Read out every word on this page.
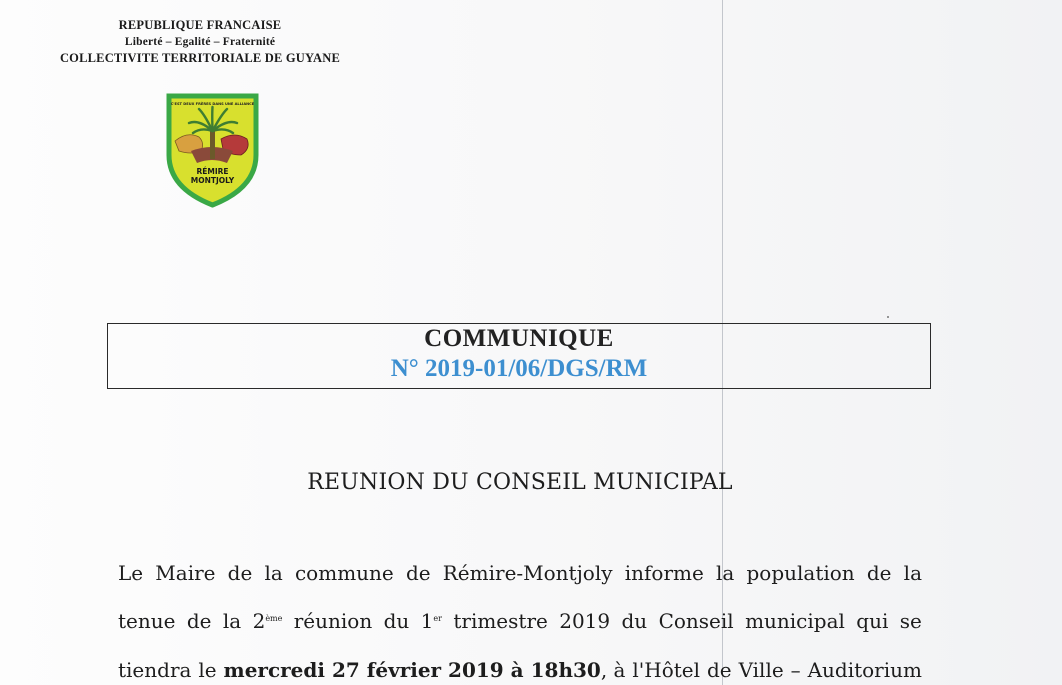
REPUBLIQUE FRANCAISE
Liberté – Egalité – Fraternité
COLLECTIVITE TERRITORIALE DE GUYANE
C'EST DEUX FRÈRES DANS UNE ALLIANCE
RÉMIRE
MONTJOLY
COMMUNIQUE
N° 2019-01/06/DGS/RM
REUNION DU CONSEIL MUNICIPAL
Le Maire de la commune de Rémire-Montjoly informe la population de la
tenue de la 2ème réunion du 1er trimestre 2019 du Conseil municipal qui se
tiendra le mercredi 27 février 2019 à 18h30, à l'Hôtel de Ville – Auditorium
